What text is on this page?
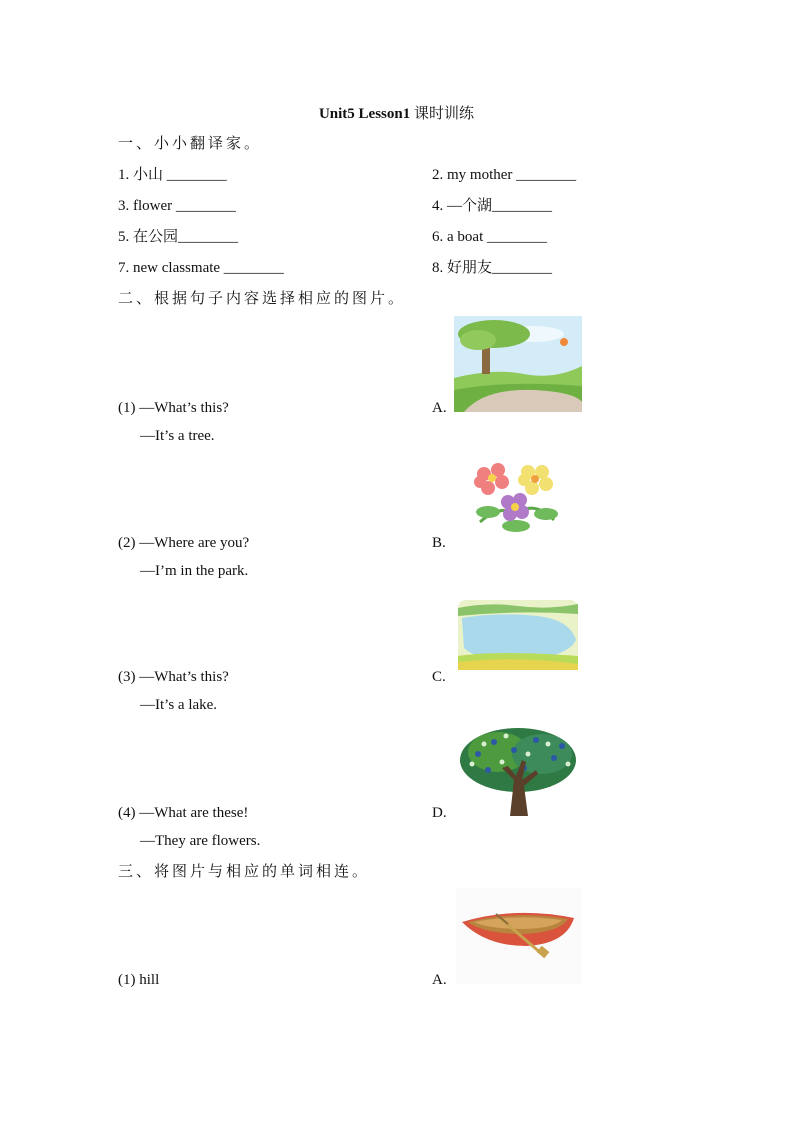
Unit5 Lesson1 课时训练
一、小小翻译家。
1. 小山 ________	2. my mother ________
3. flower ________	4. —个湖________
5. 在公园________	6. a boat ________
7. new classmate ________	8. 好朋友________
二、根据句子内容选择相应的图片。
(1) —What’s this?	A.
—It’s a tree.
(2) —Where are you?	B.
—I’m in the park.
(3) —What’s this?	C.
—It’s a lake.
(4) —What are these!	D.
—They are flowers.
三、将图片与相应的单词相连。
(1) hill	A.
